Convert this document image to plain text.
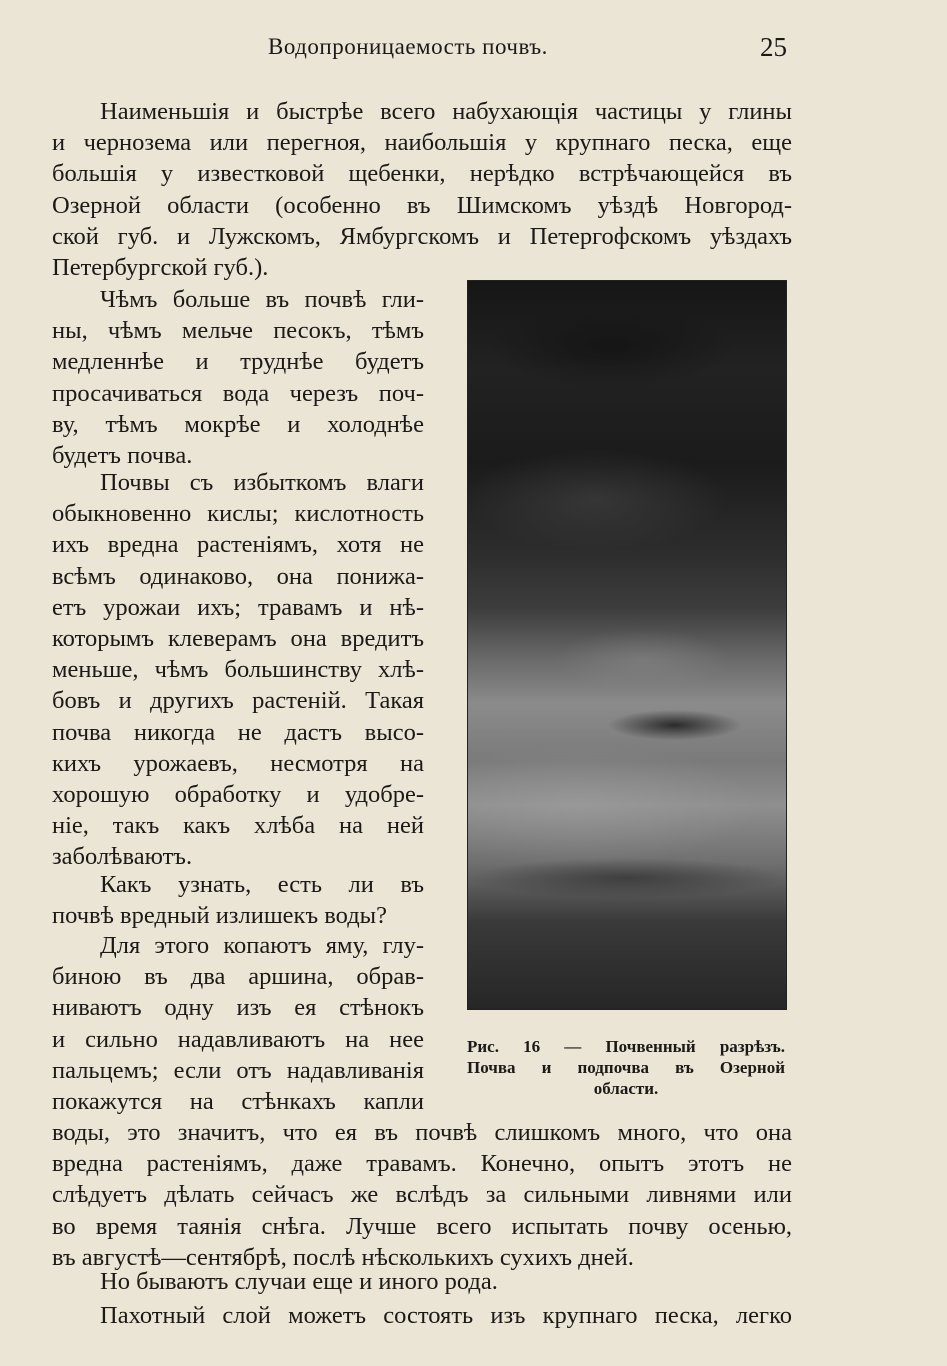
Водопроницаемость почвъ.	25
Наименьшія и быстрѣе всего набухающія частицы у глины
и чернозема или перегноя, наибольшія у крупнаго песка, еще
большія у известковой щебенки, нерѣдко встрѣчающейся въ
Озерной области (особенно въ Шимскомъ уѣздѣ Новгород-
ской губ. и Лужскомъ, Ямбургскомъ и Петергофскомъ уѣздахъ
Петербургской губ.).
Чѣмъ больше въ почвѣ гли-
ны, чѣмъ мельче песокъ, тѣмъ
медленнѣе и труднѣе будетъ
просачиваться вода черезъ поч-
ву, тѣмъ мокрѣе и холоднѣе
будетъ почва.
Почвы съ избыткомъ влаги
обыкновенно кислы; кислотность
ихъ вредна растеніямъ, хотя не
всѣмъ одинаково, она понижа-
етъ урожаи ихъ; травамъ и нѣ-
которымъ клеверамъ она вредитъ
меньше, чѣмъ большинству хлѣ-
бовъ и другихъ растеній. Такая
почва никогда не дастъ высо-
кихъ урожаевъ, несмотря на
хорошую обработку и удобре-
ніе, такъ какъ хлѣба на ней
заболѣваютъ.
Какъ узнать, есть ли въ
почвѣ вредный излишекъ воды?
Для этого копаютъ яму, глу-
биною въ два аршина, обрав-
ниваютъ одну изъ ея стѣнокъ
и сильно надавливаютъ на нее
пальцемъ; если отъ надавливанія
покажутся на стѣнкахъ капли
Рис. 16 — Почвенный разрѣзъ.
Почва и подпочва въ Озерной
области.
воды, это значитъ, что ея въ почвѣ слишкомъ много, что она
вредна растеніямъ, даже травамъ. Конечно, опытъ этотъ не
слѣдуетъ дѣлать сейчасъ же вслѣдъ за сильными ливнями или
во время таянія снѣга. Лучше всего испытать почву осенью,
въ августѣ—сентябрѣ, послѣ нѣсколькихъ сухихъ дней.
Но бываютъ случаи еще и иного рода.
Пахотный слой можетъ состоять изъ крупнаго песка, легко
